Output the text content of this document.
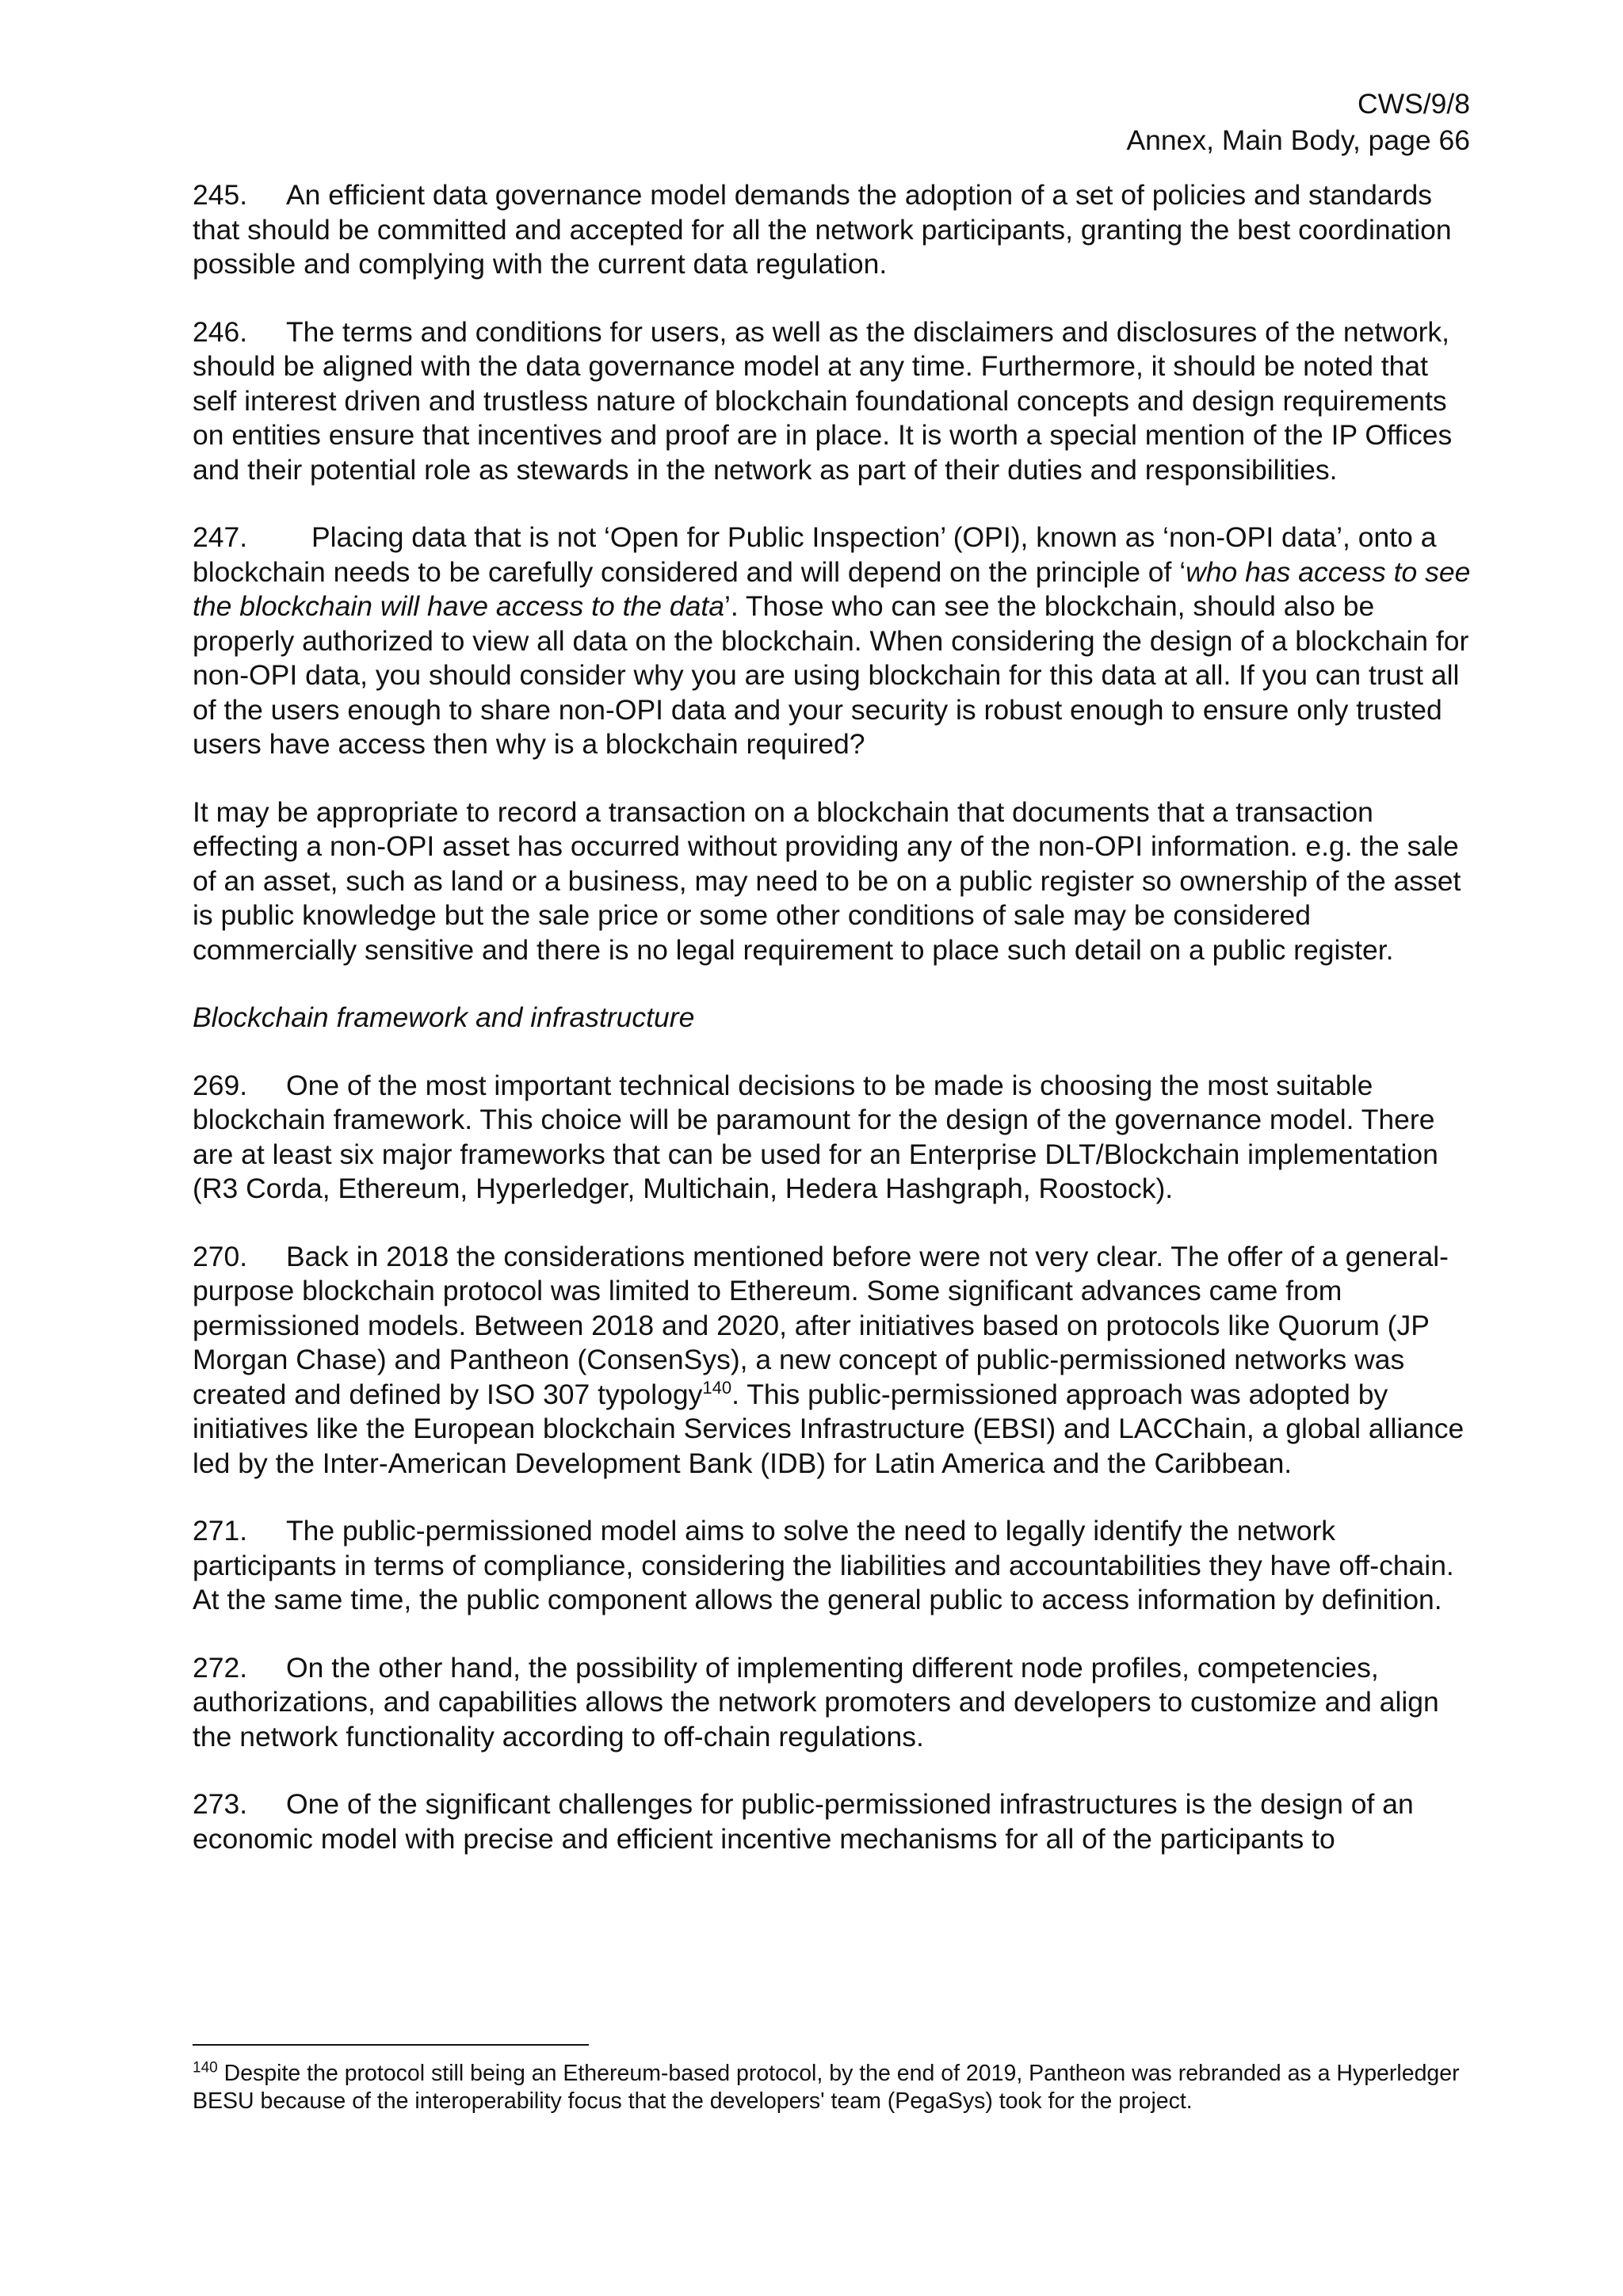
CWS/9/8
Annex, Main Body, page 66

245. An efficient data governance model demands the adoption of a set of policies and standards that should be committed and accepted for all the network participants, granting the best coordination possible and complying with the current data regulation.

246. The terms and conditions for users, as well as the disclaimers and disclosures of the network, should be aligned with the data governance model at any time. Furthermore, it should be noted that self interest driven and trustless nature of blockchain foundational concepts and design requirements on entities ensure that incentives and proof are in place. It is worth a special mention of the IP Offices and their potential role as stewards in the network as part of their duties and responsibilities.

247. Placing data that is not ‘Open for Public Inspection’ (OPI), known as ‘non-OPI data’, onto a blockchain needs to be carefully considered and will depend on the principle of ‘who has access to see the blockchain will have access to the data’. Those who can see the blockchain, should also be properly authorized to view all data on the blockchain. When considering the design of a blockchain for non-OPI data, you should consider why you are using blockchain for this data at all. If you can trust all of the users enough to share non-OPI data and your security is robust enough to ensure only trusted users have access then why is a blockchain required?

It may be appropriate to record a transaction on a blockchain that documents that a transaction effecting a non-OPI asset has occurred without providing any of the non-OPI information. e.g. the sale of an asset, such as land or a business, may need to be on a public register so ownership of the asset is public knowledge but the sale price or some other conditions of sale may be considered commercially sensitive and there is no legal requirement to place such detail on a public register.

Blockchain framework and infrastructure

269. One of the most important technical decisions to be made is choosing the most suitable blockchain framework. This choice will be paramount for the design of the governance model. There are at least six major frameworks that can be used for an Enterprise DLT/Blockchain implementation (R3 Corda, Ethereum, Hyperledger, Multichain, Hedera Hashgraph, Roostock).

270. Back in 2018 the considerations mentioned before were not very clear. The offer of a general-purpose blockchain protocol was limited to Ethereum. Some significant advances came from permissioned models. Between 2018 and 2020, after initiatives based on protocols like Quorum (JP Morgan Chase) and Pantheon (ConsenSys), a new concept of public-permissioned networks was created and defined by ISO 307 typology$^{140}$. This public-permissioned approach was adopted by initiatives like the European blockchain Services Infrastructure (EBSI) and LACChain, a global alliance led by the Inter-American Development Bank (IDB) for Latin America and the Caribbean.

271. The public-permissioned model aims to solve the need to legally identify the network participants in terms of compliance, considering the liabilities and accountabilities they have off-chain. At the same time, the public component allows the general public to access information by definition.

272. On the other hand, the possibility of implementing different node profiles, competencies, authorizations, and capabilities allows the network promoters and developers to customize and align the network functionality according to off-chain regulations.

273. One of the significant challenges for public-permissioned infrastructures is the design of an economic model with precise and efficient incentive mechanisms for all of the participants to

$^{140}$ Despite the protocol still being an Ethereum-based protocol, by the end of 2019, Pantheon was rebranded as a Hyperledger BESU because of the interoperability focus that the developers' team (PegaSys) took for the project.
